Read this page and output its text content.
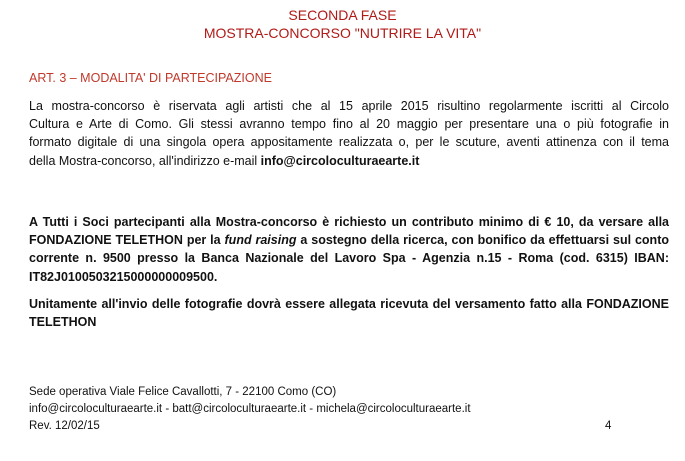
SECONDA FASE
MOSTRA-CONCORSO "NUTRIRE LA VITA"
ART. 3 – MODALITA' DI PARTECIPAZIONE
La mostra-concorso è riservata agli artisti che al 15 aprile 2015 risultino regolarmente iscritti al Circolo
Cultura e Arte di Como. Gli stessi avranno tempo fino al 20 maggio per presentare una o più fotografie in
formato digitale di una singola opera appositamente realizzata o, per le scuture, aventi attinenza con il tema
della Mostra-concorso, all'indirizzo e-mail info@circoloculturaearte.it
A Tutti i Soci partecipanti alla Mostra-concorso è richiesto un contributo minimo di € 10, da versare alla
FONDAZIONE TELETHON per la fund raising a sostegno della ricerca, con bonifico da effettuarsi sul conto
corrente n. 9500 presso la Banca Nazionale del Lavoro Spa - Agenzia n.15 - Roma (cod. 6315) IBAN:
IT82J0100503215000000009500.
Unitamente all'invio delle fotografie dovrà essere allegata ricevuta del versamento fatto alla FONDAZIONE
TELETHON
Sede operativa Viale Felice Cavallotti, 7 - 22100 Como (CO)
info@circoloculturaearte.it - batt@circoloculturaearte.it - michela@circoloculturaearte.it
Rev. 12/02/15	4
